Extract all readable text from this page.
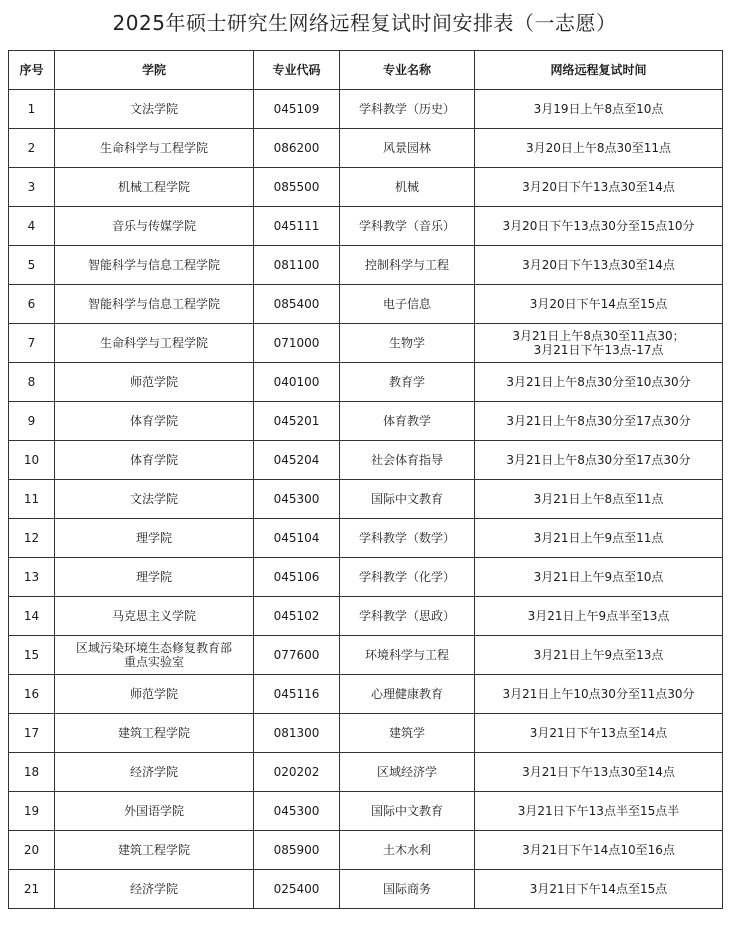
2025年硕士研究生网络远程复试时间安排表（一志愿）
序号	学院	专业代码	专业名称	网络远程复试时间

1	文法学院	045109	学科教学（历史）	3月19日上午8点至10点

2	生命科学与工程学院	086200	风景园林	3月20日上午8点30至11点

3	机械工程学院	085500	机械	3月20日下午13点30至14点

4	音乐与传媒学院	045111	学科教学（音乐）	3月20日下午13点30分至15点10分

5	智能科学与信息工程学院	081100	控制科学与工程	3月20日下午13点30至14点

6	智能科学与信息工程学院	085400	电子信息	3月20日下午14点至15点

7	生命科学与工程学院	071000	生物学	3月21日上午8点30至11点30；
3月21日下午13点-17点

8	师范学院	040100	教育学	3月21日上午8点30分至10点30分

9	体育学院	045201	体育教学	3月21日上午8点30分至17点30分

10	体育学院	045204	社会体育指导	3月21日上午8点30分至17点30分

11	文法学院	045300	国际中文教育	3月21日上午8点至11点

12	理学院	045104	学科教学（数学）	3月21日上午9点至11点

13	理学院	045106	学科教学（化学）	3月21日上午9点至10点

14	马克思主义学院	045102	学科教学（思政）	3月21日上午9点半至13点

15	区域污染环境生态修复教育部
重点实验室	077600	环境科学与工程	3月21日上午9点至13点

16	师范学院	045116	心理健康教育	3月21日上午10点30分至11点30分

17	建筑工程学院	081300	建筑学	3月21日下午13点至14点

18	经济学院	020202	区域经济学	3月21日下午13点30至14点

19	外国语学院	045300	国际中文教育	3月21日下午13点半至15点半

20	建筑工程学院	085900	土木水利	3月21日下午14点10至16点

21	经济学院	025400	国际商务	3月21日下午14点至15点
